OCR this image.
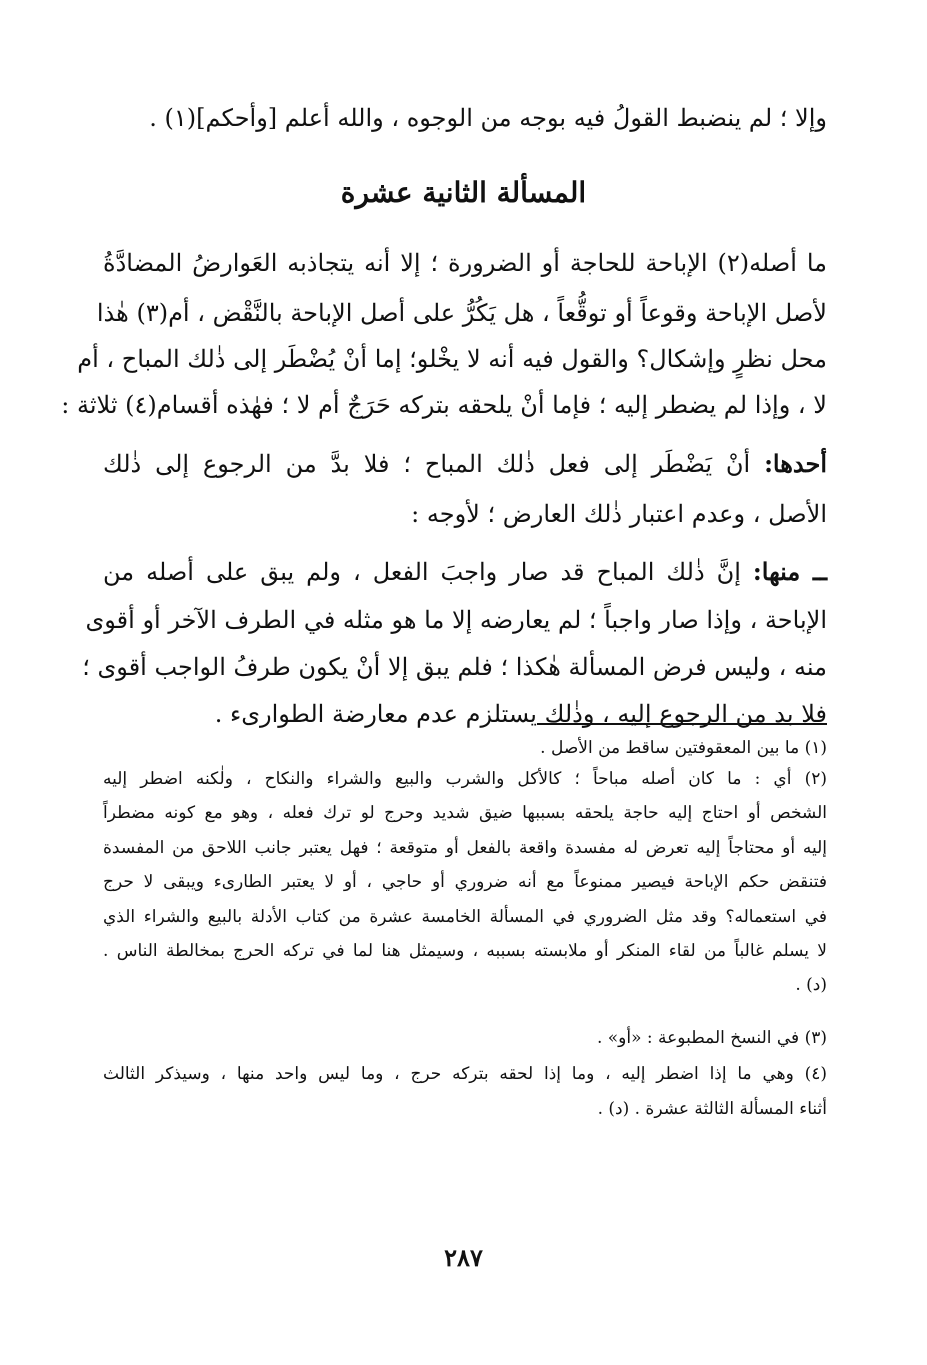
وإلا ؛ لم ينضبط القولُ فيه بوجه من الوجوه ، والله أعلم [وأحكم](١) .
المسألة الثانية عشرة
ما أصله(٢) الإباحة للحاجة أو الضرورة ؛ إلا أنه يتجاذبه العَوارضُ المضادَّةُ
لأصل الإباحة وقوعاً أو توقُّعاً ، هل يَكُرُّ على أصل الإباحة بالنَّقْض ، أم(٣) هٰذا
محل نظرٍ وإشكال؟ والقول فيه أنه لا يخْلو؛ إما أنْ يُضْطَر إلى ذٰلك المباح ، أم
لا ، وإذا لم يضطر إليه ؛ فإما أنْ يلحقه بتركه حَرَجٌ أم لا ؛ فهٰذه أقسام(٤) ثلاثة :
أحدها: أنْ يَضْطَر إلى فعل ذٰلك المباح ؛ فلا بدَّ من الرجوع إلى ذٰلك
الأصل ، وعدم اعتبار ذٰلك العارض ؛ لأوجه :
ــ منها: إنَّ ذٰلك المباح قد صار واجبَ الفعل ، ولم يبق على أصله من
الإباحة ، وإذا صار واجباً ؛ لم يعارضه إلا ما هو مثله في الطرف الآخر أو أقوى
منه ، وليس فرض المسألة هٰكذا ؛ فلم يبق إلا أنْ يكون طرفُ الواجب أقوى ؛
فلا بد من الرجوع إليه ، وذٰلك يستلزم عدم معارضة الطوارىء .
(١) ما بين المعقوفتين ساقط من الأصل .
(٢) أي : ما كان أصله مباحاً ؛ كالأكل والشرب والبيع والشراء والنكاح ، ولٰكنه اضطر إليه
الشخص أو احتاج إليه حاجة يلحقه بسببها ضيق شديد وحرج لو ترك فعله ، وهو مع كونه مضطراً
إليه أو محتاجاً إليه تعرض له مفسدة واقعة بالفعل أو متوقعة ؛ فهل يعتبر جانب اللاحق من المفسدة
فتنقض حكم الإباحة فيصير ممنوعاً مع أنه ضروري أو حاجي ، أو لا يعتبر الطارىء ويبقى لا حرج
في استعماله؟ وقد مثل الضروري في المسألة الخامسة عشرة من كتاب الأدلة بالبيع والشراء الذي
لا يسلم غالباً من لقاء المنكر أو ملابسته بسببه ، وسيمثل هنا لما في تركه الحرج بمخالطة الناس .
(د) .
(٣) في النسخ المطبوعة : «أو» .
(٤) وهي ما إذا اضطر إليه ، وما إذا لحقه بتركه حرج ، وما ليس واحد منها ، وسيذكر الثالث
أثناء المسألة الثالثة عشرة . (د) .
٢٨٧
